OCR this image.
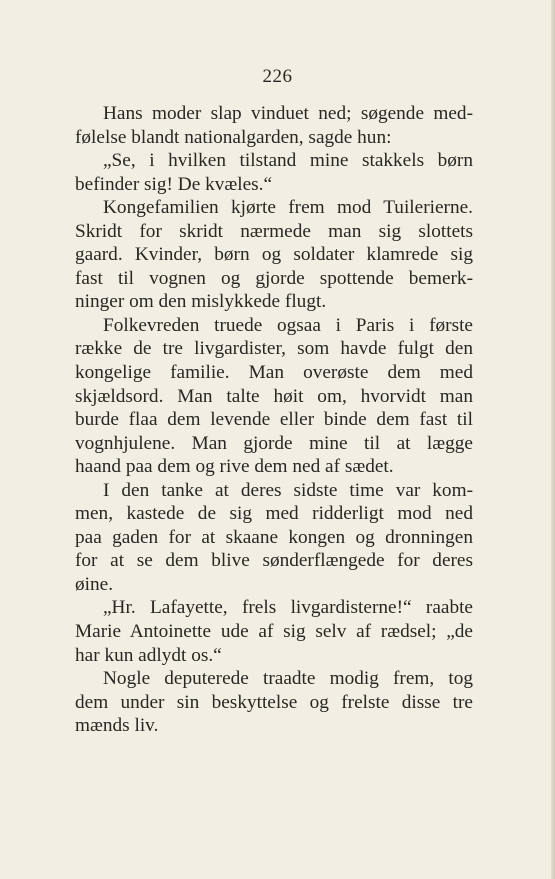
226
Hans moder slap vinduet ned; søgende med-
følelse blandt nationalgarden, sagde hun:
„Se, i hvilken tilstand mine stakkels børn
befinder sig! De kvæles.“
Kongefamilien kjørte frem mod Tuilerierne.
Skridt for skridt nærmede man sig slottets
gaard. Kvinder, børn og soldater klamrede sig
fast til vognen og gjorde spottende bemerk-
ninger om den mislykkede flugt.
Folkevreden truede ogsaa i Paris i første
række de tre livgardister, som havde fulgt den
kongelige familie. Man overøste dem med
skjældsord. Man talte høit om, hvorvidt man
burde flaa dem levende eller binde dem fast til
vognhjulene. Man gjorde mine til at lægge
haand paa dem og rive dem ned af sædet.
I den tanke at deres sidste time var kom-
men, kastede de sig med ridderligt mod ned
paa gaden for at skaane kongen og dronningen
for at se dem blive sønderflængede for deres
øine.
„Hr. Lafayette, frels livgardisterne!“ raabte
Marie Antoinette ude af sig selv af rædsel; „de
har kun adlydt os.“
Nogle deputerede traadte modig frem, tog
dem under sin beskyttelse og frelste disse tre
mænds liv.
